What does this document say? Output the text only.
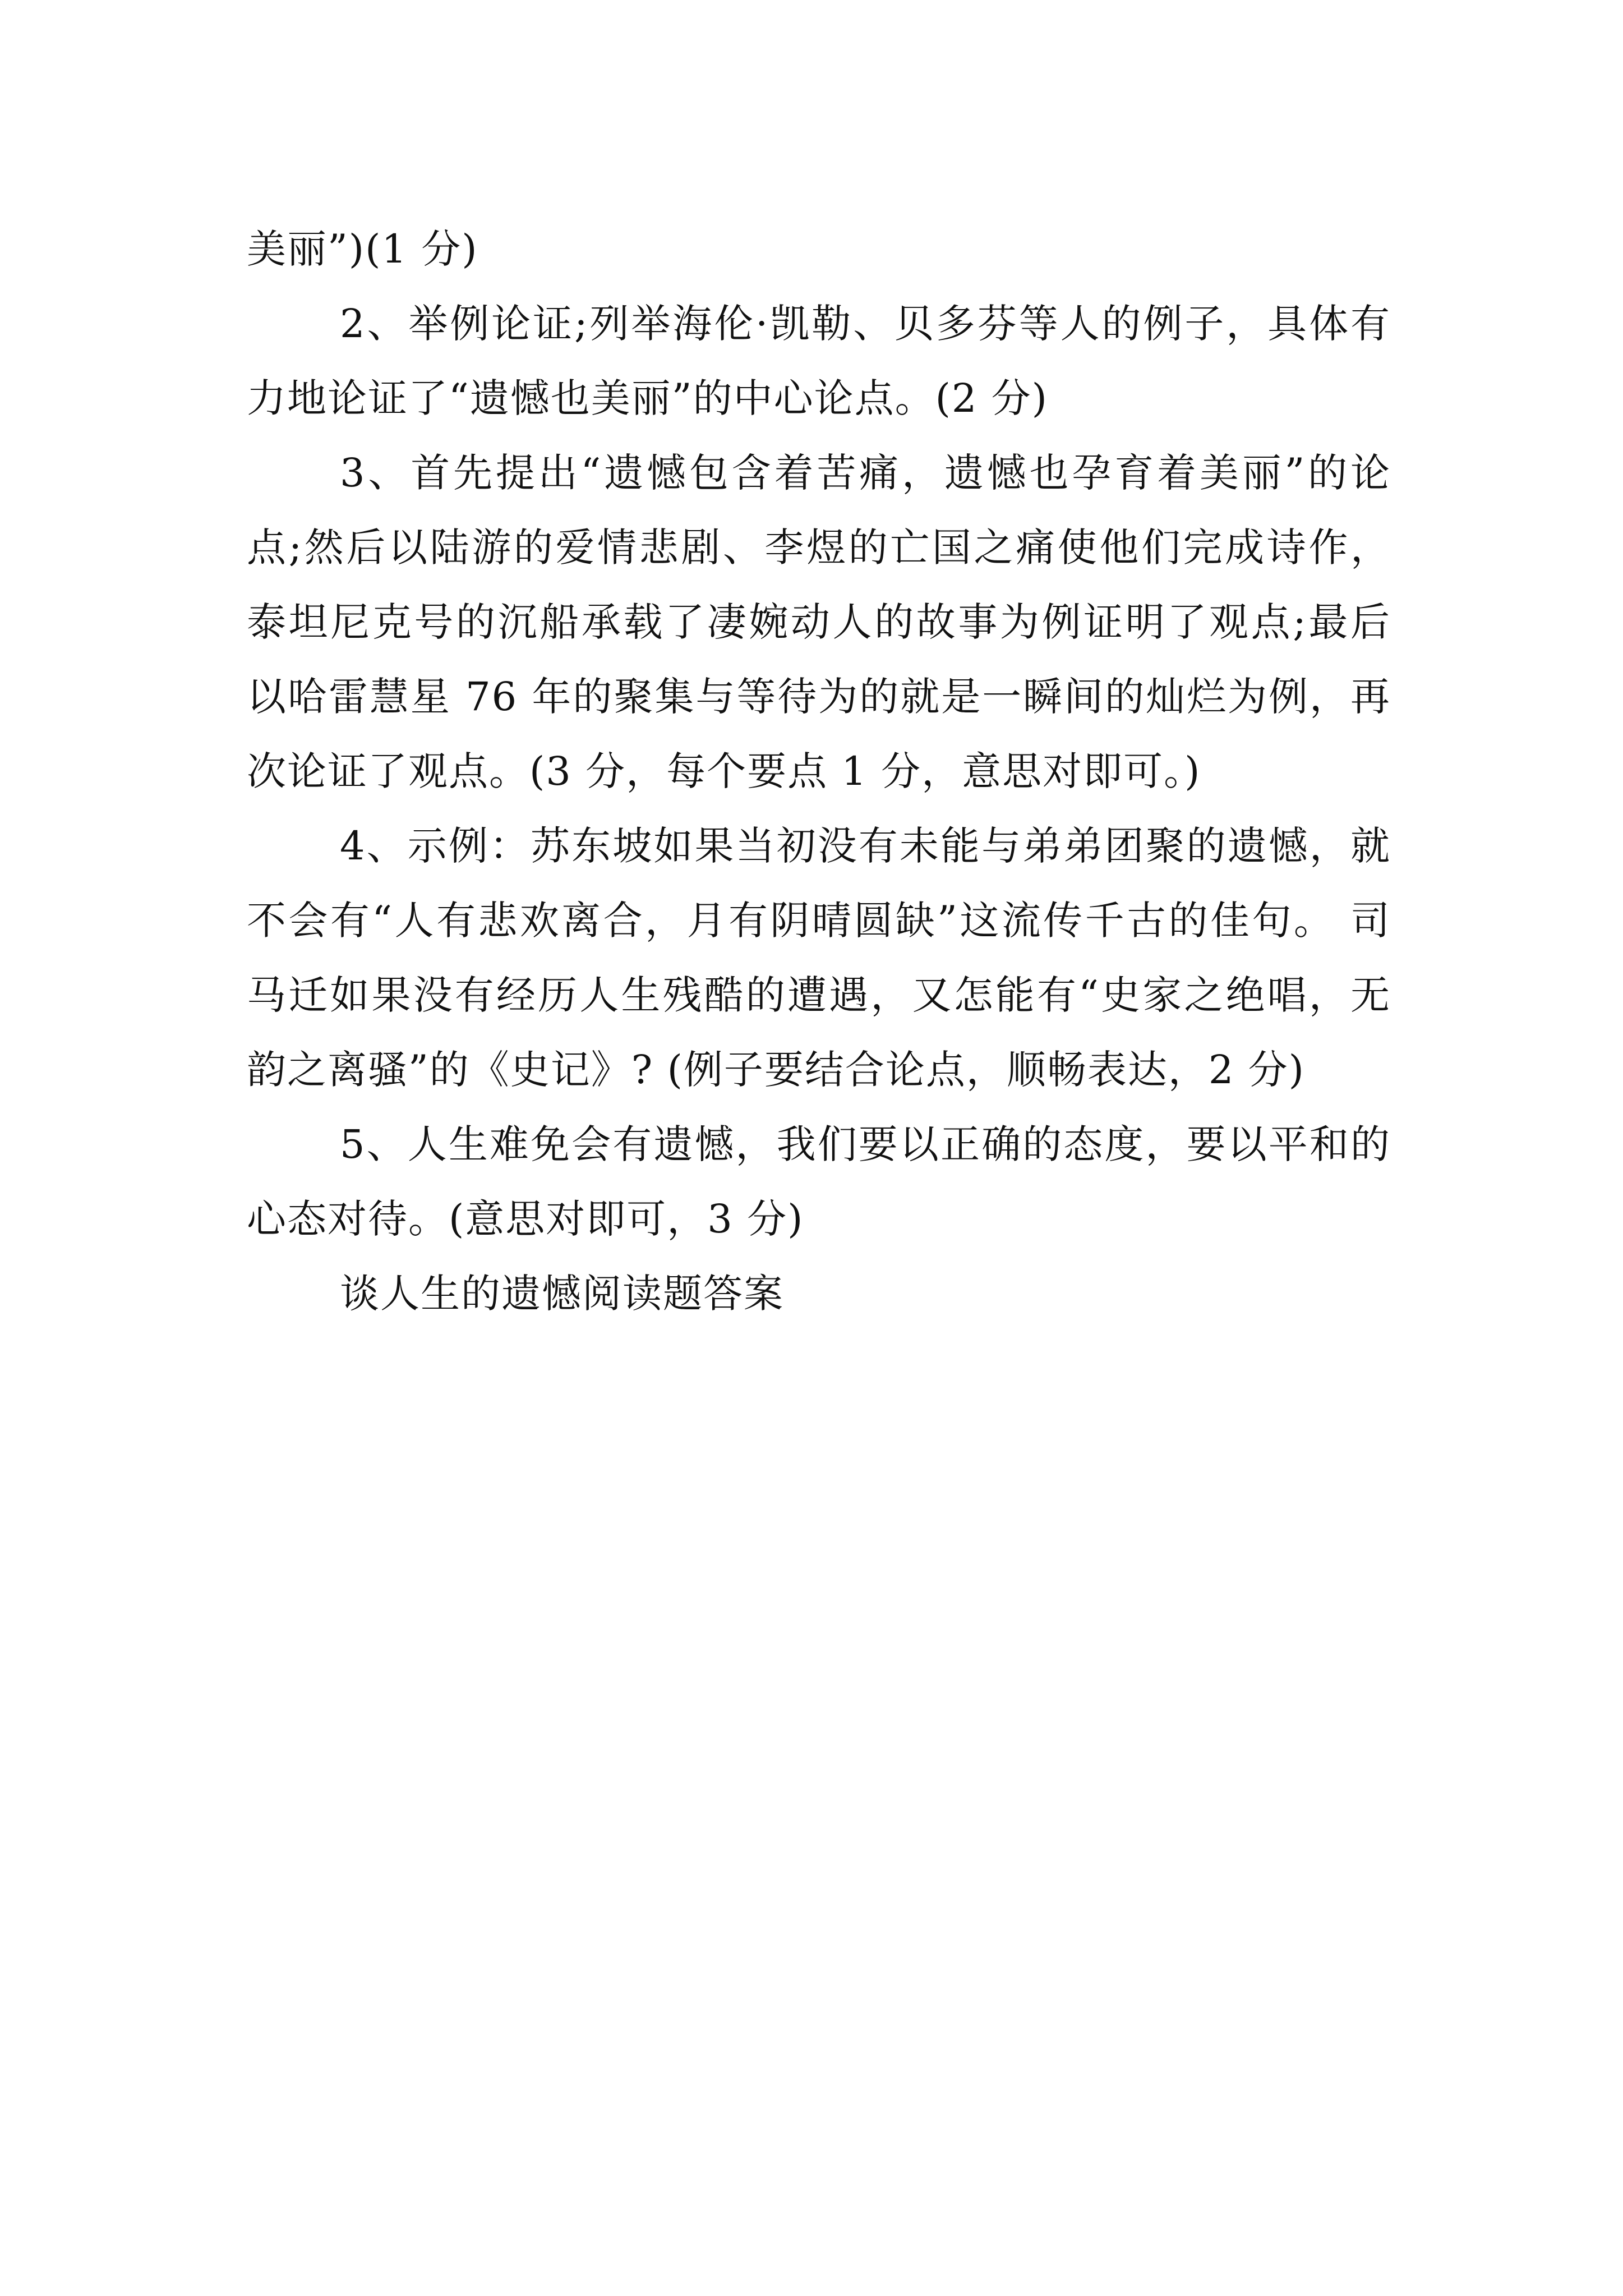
美丽”)(1 分)

2、举例论证;列举海伦·凯勒、贝多芬等人的例子，具体有力地论证了“遗憾也美丽”的中心论点。(2 分)

3、首先提出“遗憾包含着苦痛，遗憾也孕育着美丽”的论点;然后以陆游的爱情悲剧、李煜的亡国之痛使他们完成诗作，泰坦尼克号的沉船承载了凄婉动人的故事为例证明了观点;最后以哈雷慧星 76 年的聚集与等待为的就是一瞬间的灿烂为例，再次论证了观点。(3 分，每个要点 1 分，意思对即可。)

4、示例：苏东坡如果当初没有未能与弟弟团聚的遗憾，就不会有“人有悲欢离合，月有阴晴圆缺”这流传千古的佳句。 司马迁如果没有经历人生残酷的遭遇，又怎能有“史家之绝唱，无韵之离骚”的《史记》? (例子要结合论点，顺畅表达，2 分)

5、人生难免会有遗憾，我们要以正确的态度，要以平和的心态对待。(意思对即可，3 分)

谈人生的遗憾阅读题答案
